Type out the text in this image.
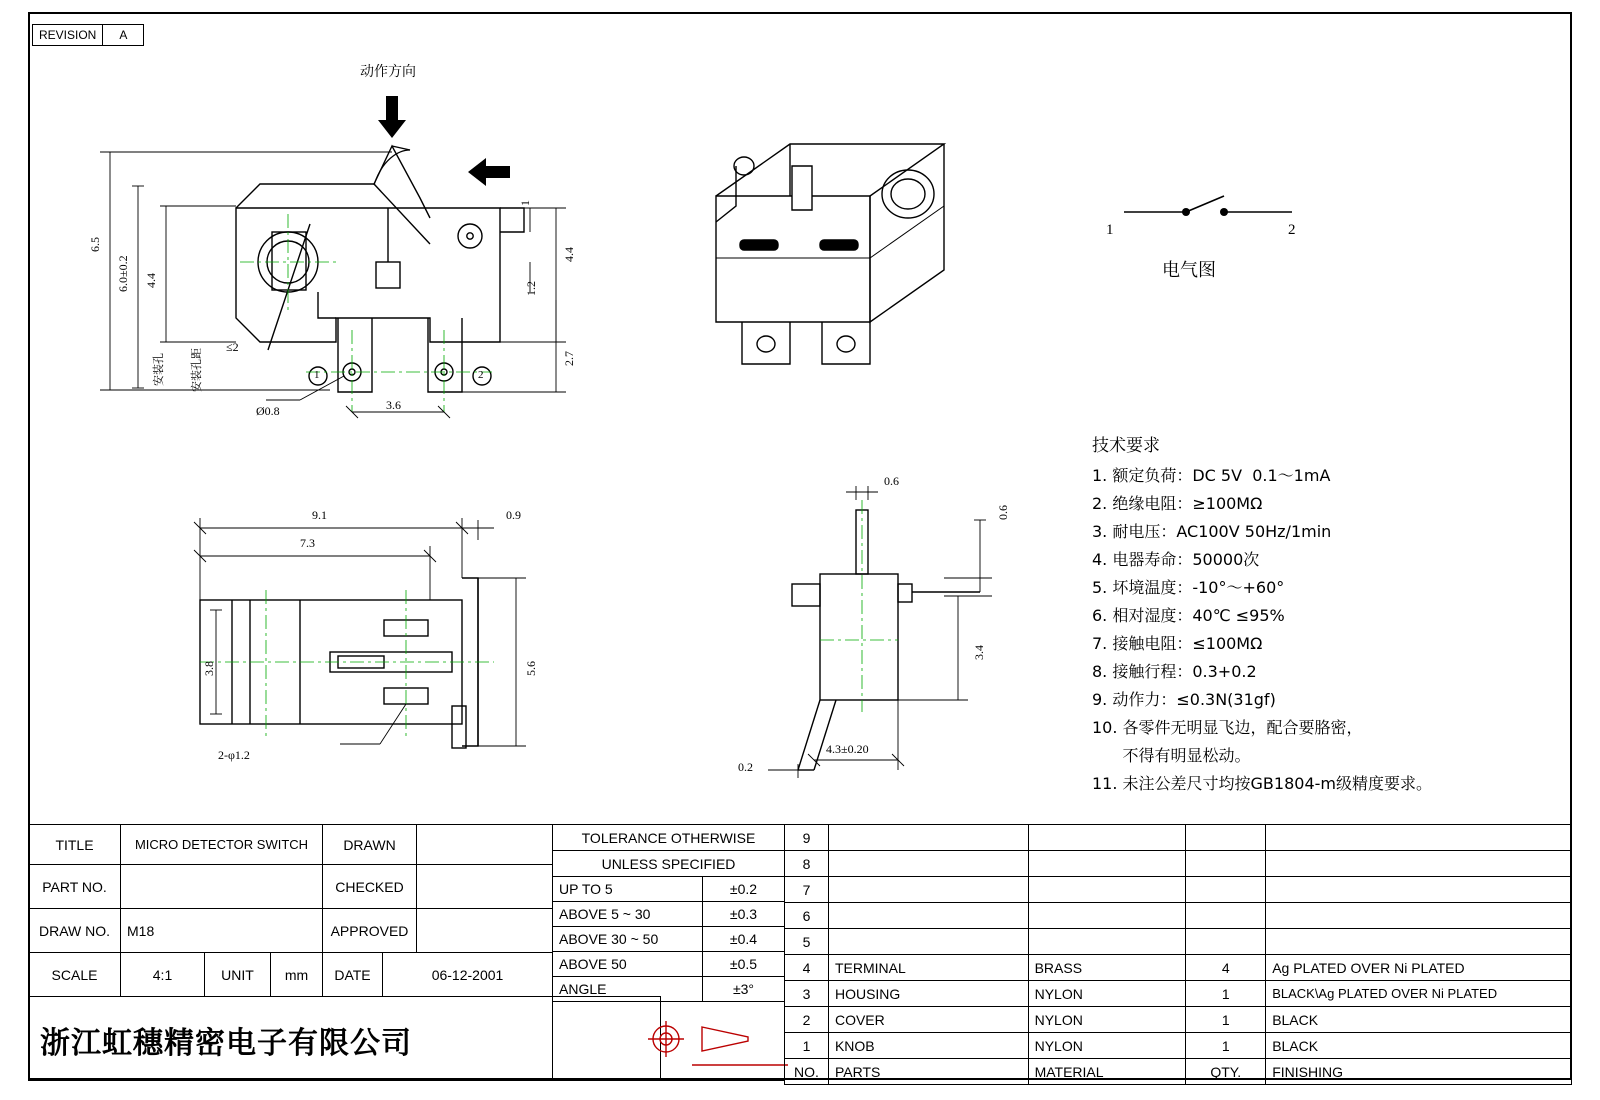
REVISION	A
动作方向
6.5
6.0±0.2 4.4
安装孔 安装孔距
≤2
3.6
Ø0.8
1
4.4
1.2
2.7
1	2
1	2
电气图
9.1	0.9
7.3
3.8	5.6
2-φ1.2
0.6
0.6
3.4
4.3±0.20
0.2
技术要求
1. 额定负荷：DC 5V  0.1～1mA
2. 绝缘电阻：≥100MΩ
3. 耐电压：AC100V 50Hz/1min
4. 电器寿命：50000次
5. 坏境温度：-10°～+60°
6. 相对湿度：40℃ ≤95%
7. 接触电阻：≤100MΩ
8. 接触行程：0.3+0.2
9. 动作力：≤0.3N(31gf)
10. 各零件无明显飞边，配合要胳密，
不得有明显松动。
11. 未注公差尺寸均按GB1804-m级精度要求。
TITLE	MICRO DETECTOR SWITCH	DRAWN	
PART NO.		CHECKED	
DRAW NO.	M18	APPROVED	
SCALE	4:1	UNIT	mm	DATE	06-12-2001
TOLERANCE OTHERWISE	
UNLESS SPECIFIED	
UP TO 5	±0.2
ABOVE 5 ~ 30	±0.3
ABOVE 30 ~ 50	±0.4
ABOVE 50	±0.5
ANGLE	±3°
9				
8				
7				
6				
5				
4	TERMINAL	BRASS	4	Ag PLATED OVER Ni PLATED
3	HOUSING	NYLON	1	BLACK\Ag PLATED OVER Ni PLATED
2	COVER	NYLON	1	BLACK
1	KNOB	NYLON	1	BLACK
NO.	PARTS	MATERIAL	QTY.	FINISHING
浙江虹穗精密电子有限公司
